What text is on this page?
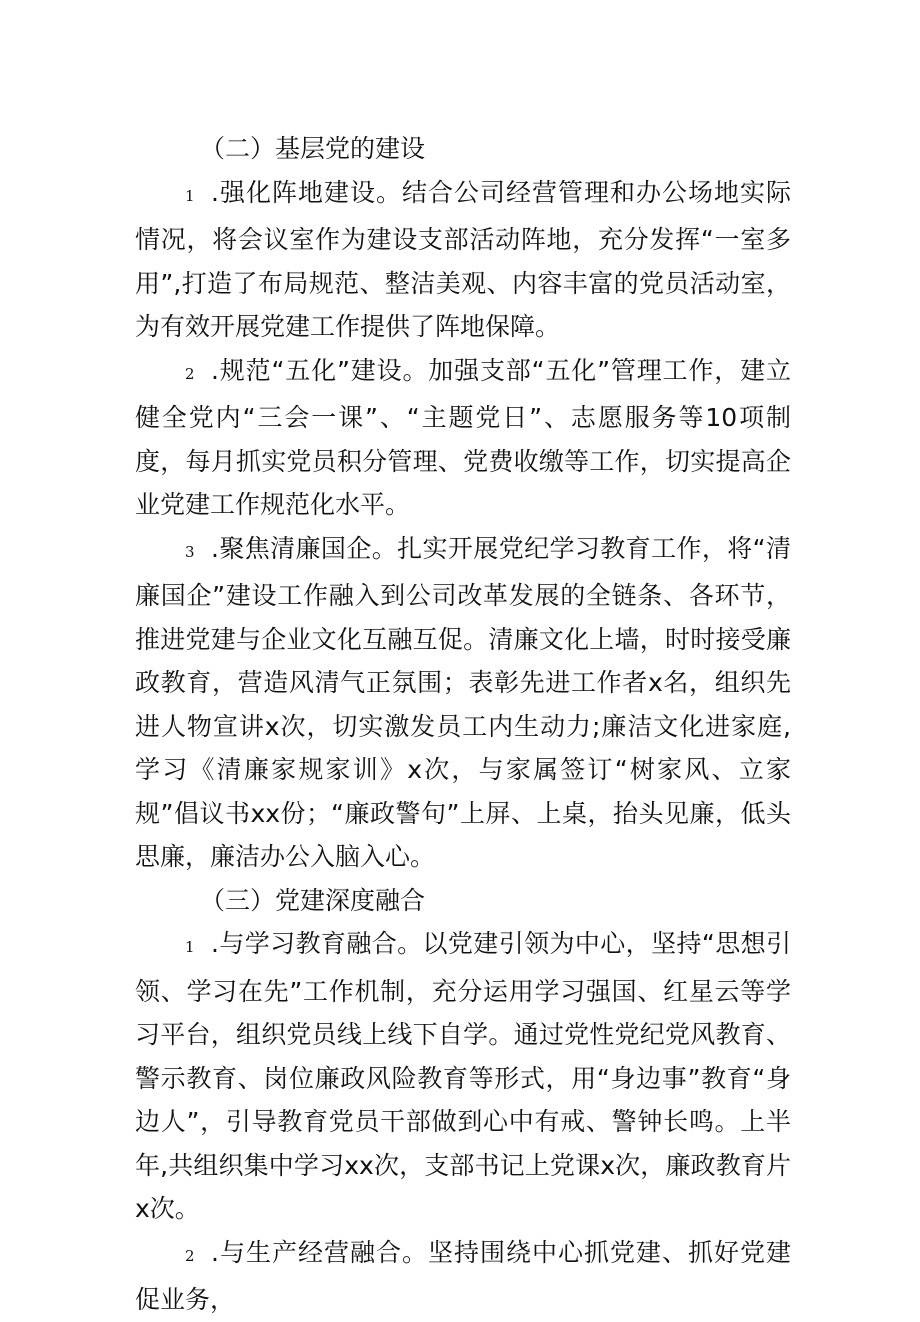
（二）基层党的建设

1 .强化阵地建设。结合公司经营管理和办公场地实际情况，将会议室作为建设支部活动阵地，充分发挥“一室多用”,打造了布局规范、整洁美观、内容丰富的党员活动室，为有效开展党建工作提供了阵地保障。

2 .规范“五化”建设。加强支部“五化”管理工作，建立健全党内“三会一课”、“主题党日”、志愿服务等10项制度，每月抓实党员积分管理、党费收缴等工作，切实提高企业党建工作规范化水平。

3 .聚焦清廉国企。扎实开展党纪学习教育工作，将“清廉国企”建设工作融入到公司改革发展的全链条、各环节，推进党建与企业文化互融互促。清廉文化上墙，时时接受廉政教育，营造风清气正氛围；表彰先进工作者x名，组织先进人物宣讲x次，切实激发员工内生动力;廉洁文化进家庭,学习《清廉家规家训》x次，与家属签订“树家风、立家规”倡议书xx份；“廉政警句”上屏、上桌，抬头见廉，低头思廉，廉洁办公入脑入心。

（三）党建深度融合

1 .与学习教育融合。以党建引领为中心，坚持“思想引领、学习在先”工作机制，充分运用学习强国、红星云等学习平台，组织党员线上线下自学。通过党性党纪党风教育、警示教育、岗位廉政风险教育等形式，用“身边事”教育“身边人”，引导教育党员干部做到心中有戒、警钟长鸣。上半年,共组织集中学习xx次，支部书记上党课x次，廉政教育片x次。

2 .与生产经营融合。坚持围绕中心抓党建、抓好党建促业务，
